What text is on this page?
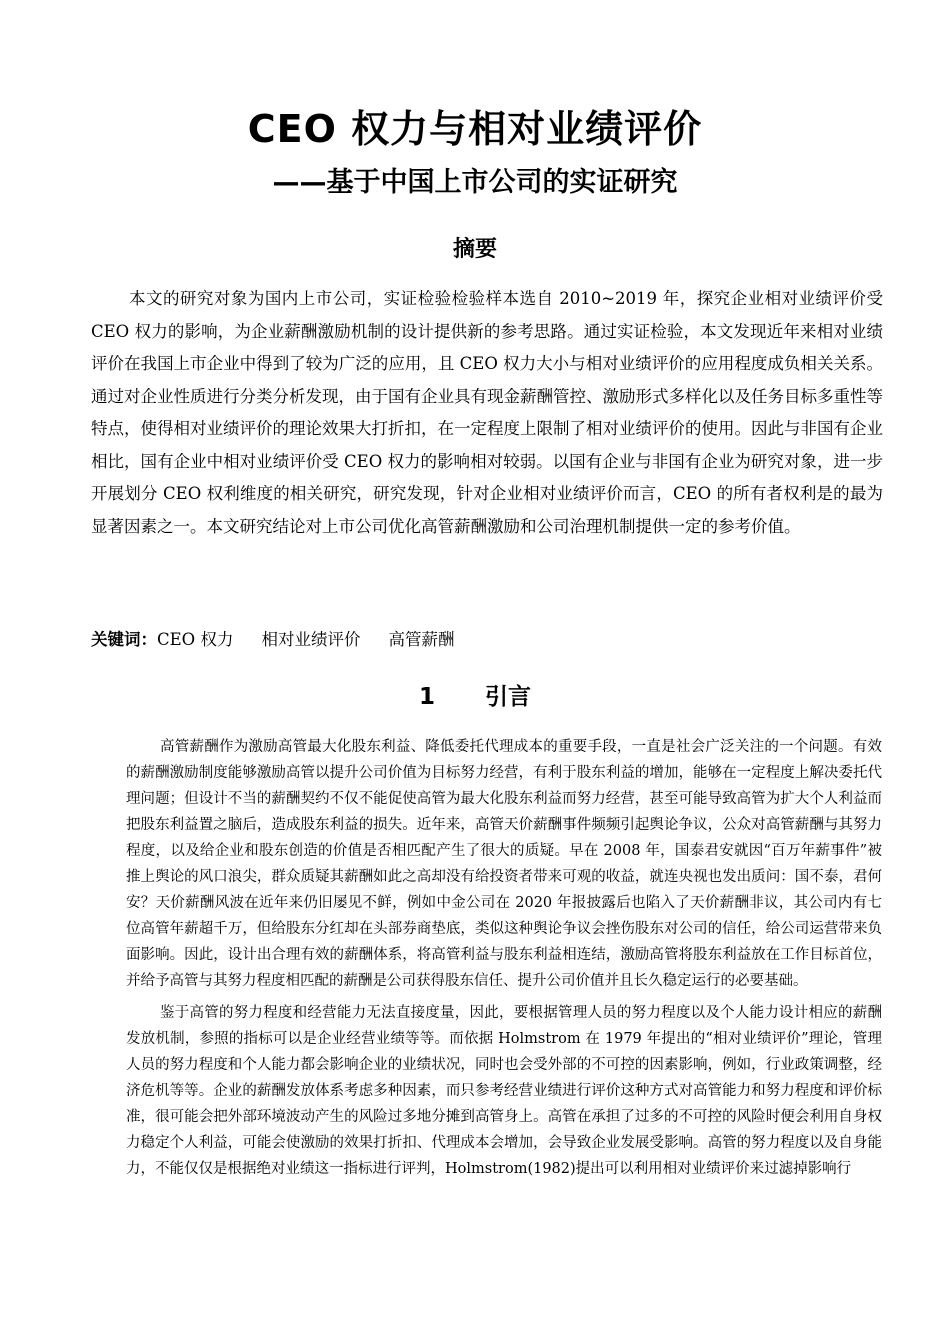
CEO 权力与相对业绩评价
——基于中国上市公司的实证研究
摘要

本文的研究对象为国内上市公司，实证检验检验样本选自 2010~2019 年，探究企业相对业绩评价受 CEO 权力的影响，为企业薪酬激励机制的设计提供新的参考思路。通过实证检验，本文发现近年来相对业绩评价在我国上市企业中得到了较为广泛的应用，且 CEO 权力大小与相对业绩评价的应用程度成负相关关系。通过对企业性质进行分类分析发现，由于国有企业具有现金薪酬管控、激励形式多样化以及任务目标多重性等特点，使得相对业绩评价的理论效果大打折扣，在一定程度上限制了相对业绩评价的使用。因此与非国有企业相比，国有企业中相对业绩评价受 CEO 权力的影响相对较弱。以国有企业与非国有企业为研究对象，进一步开展划分 CEO 权利维度的相关研究，研究发现，针对企业相对业绩评价而言，CEO 的所有者权利是的最为显著因素之一。本文研究结论对上市公司优化高管薪酬激励和公司治理机制提供一定的参考价值。

关键词：CEO 权力 相对业绩评价 高管薪酬
1 引言

高管薪酬作为激励高管最大化股东利益、降低委托代理成本的重要手段，一直是社会广泛关注的一个问题。有效的薪酬激励制度能够激励高管以提升公司价值为目标努力经营，有利于股东利益的增加，能够在一定程度上解决委托代理问题；但设计不当的薪酬契约不仅不能促使高管为最大化股东利益而努力经营，甚至可能导致高管为扩大个人利益而把股东利益置之脑后，造成股东利益的损失。近年来，高管天价薪酬事件频频引起舆论争议，公众对高管薪酬与其努力程度，以及给企业和股东创造的价值是否相匹配产生了很大的质疑。早在 2008 年，国泰君安就因“百万年薪事件”被推上舆论的风口浪尖，群众质疑其薪酬如此之高却没有给投资者带来可观的收益，就连央视也发出质问：国不泰，君何安？天价薪酬风波在近年来仍旧屡见不鲜，例如中金公司在 2020 年报披露后也陷入了天价薪酬非议，其公司内有七位高管年薪超千万，但给股东分红却在头部券商垫底，类似这种舆论争议会挫伤股东对公司的信任，给公司运营带来负面影响。因此，设计出合理有效的薪酬体系，将高管利益与股东利益相连结，激励高管将股东利益放在工作目标首位，并给予高管与其努力程度相匹配的薪酬是公司获得股东信任、提升公司价值并且长久稳定运行的必要基础。

鉴于高管的努力程度和经营能力无法直接度量，因此，要根据管理人员的努力程度以及个人能力设计相应的薪酬发放机制，参照的指标可以是企业经营业绩等等。而依据 Holmstrom 在 1979 年提出的“相对业绩评价”理论，管理人员的努力程度和个人能力都会影响企业的业绩状况，同时也会受外部的不可控的因素影响，例如，行业政策调整，经济危机等等。企业的薪酬发放体系考虑多种因素，而只参考经营业绩进行评价这种方式对高管能力和努力程度和评价标准，很可能会把外部环境波动产生的风险过多地分摊到高管身上。高管在承担了过多的不可控的风险时便会利用自身权力稳定个人利益，可能会使激励的效果打折扣、代理成本会增加，会导致企业发展受影响。高管的努力程度以及自身能力，不能仅仅是根据绝对业绩这一指标进行评判，Holmstrom(1982)提出可以利用相对业绩评价来过滤掉影响行
